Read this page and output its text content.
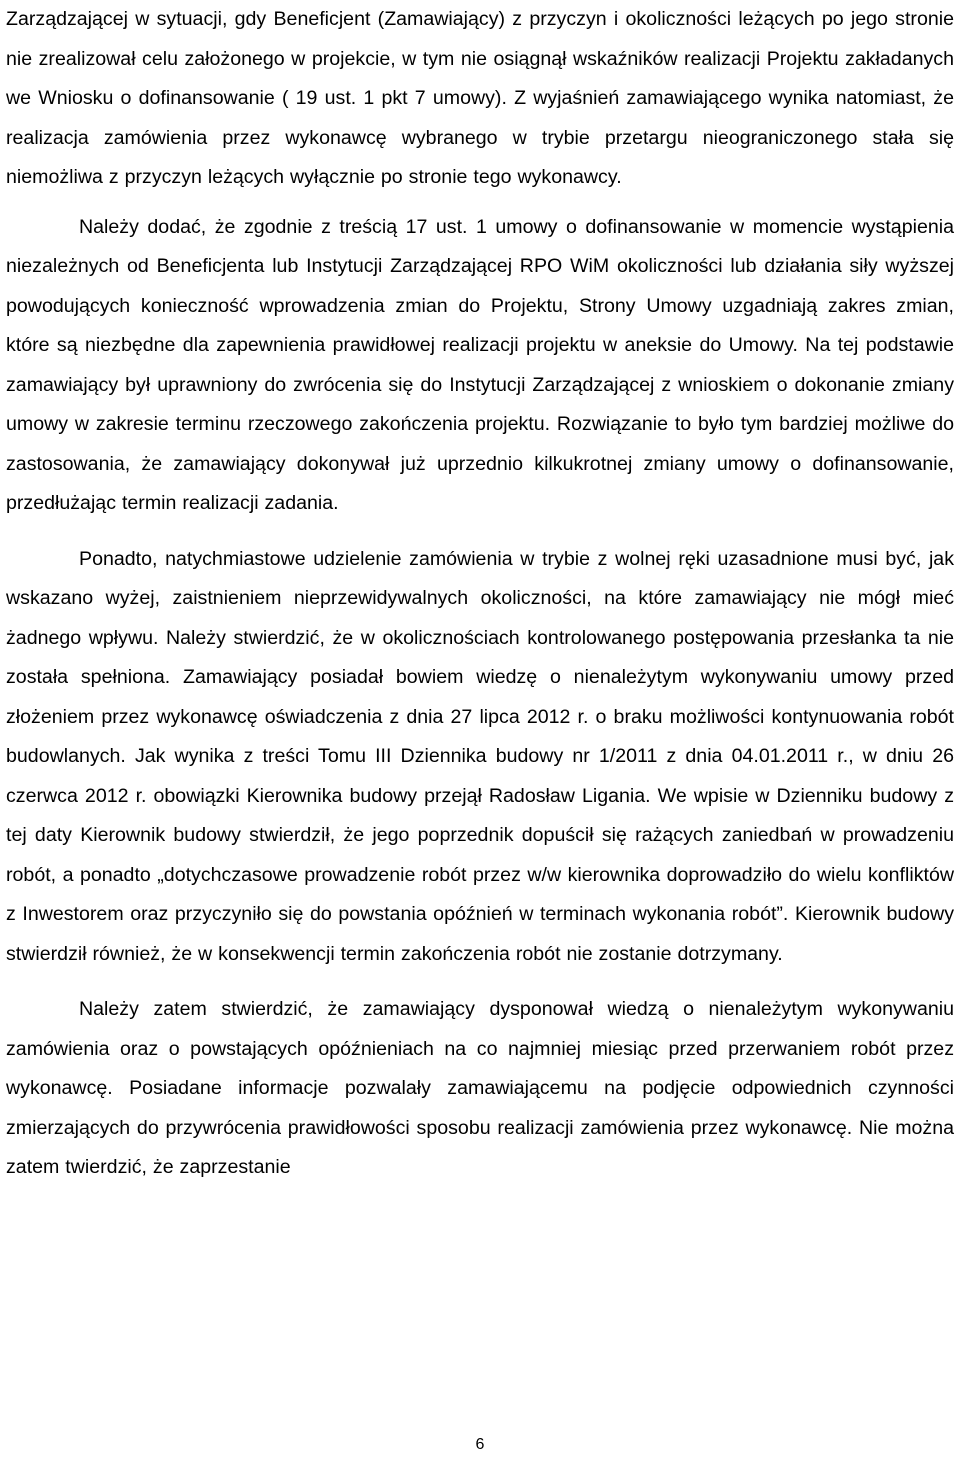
Zarządzającej w sytuacji, gdy Beneficjent (Zamawiający) z przyczyn i okoliczności leżących po jego stronie nie zrealizował celu założonego w projekcie, w tym nie osiągnął wskaźników realizacji Projektu zakładanych we Wniosku o dofinansowanie ( 19 ust. 1 pkt 7 umowy). Z wyjaśnień zamawiającego wynika natomiast, że realizacja zamówienia przez wykonawcę wybranego w trybie przetargu nieograniczonego stała się niemożliwa z przyczyn leżących wyłącznie po stronie tego wykonawcy.

Należy dodać, że zgodnie z treścią 17 ust. 1 umowy o dofinansowanie w momencie wystąpienia niezależnych od Beneficjenta lub Instytucji Zarządzającej RPO WiM okoliczności lub działania siły wyższej powodujących konieczność wprowadzenia zmian do Projektu, Strony Umowy uzgadniają zakres zmian, które są niezbędne dla zapewnienia prawidłowej realizacji projektu w aneksie do Umowy. Na tej podstawie zamawiający był uprawniony do zwrócenia się do Instytucji Zarządzającej z wnioskiem o dokonanie zmiany umowy w zakresie terminu rzeczowego zakończenia projektu. Rozwiązanie to było tym bardziej możliwe do zastosowania, że zamawiający dokonywał już uprzednio kilkukrotnej zmiany umowy o dofinansowanie, przedłużając termin realizacji zadania.

Ponadto, natychmiastowe udzielenie zamówienia w trybie z wolnej ręki uzasadnione musi być, jak wskazano wyżej, zaistnieniem nieprzewidywalnych okoliczności, na które zamawiający nie mógł mieć żadnego wpływu. Należy stwierdzić, że w okolicznościach kontrolowanego postępowania przesłanka ta nie została spełniona. Zamawiający posiadał bowiem wiedzę o nienależytym wykonywaniu umowy przed złożeniem przez wykonawcę oświadczenia z dnia 27 lipca 2012 r. o braku możliwości kontynuowania robót budowlanych. Jak wynika z treści Tomu III Dziennika budowy nr 1/2011 z dnia 04.01.2011 r., w dniu 26 czerwca 2012 r. obowiązki Kierownika budowy przejął Radosław Ligania. We wpisie w Dzienniku budowy z tej daty Kierownik budowy stwierdził, że jego poprzednik dopuścił się rażących zaniedbań w prowadzeniu robót, a ponadto „dotychczasowe prowadzenie robót przez w/w kierownika doprowadziło do wielu konfliktów z Inwestorem oraz przyczyniło się do powstania opóźnień w terminach wykonania robót”. Kierownik budowy stwierdził również, że w konsekwencji termin zakończenia robót nie zostanie dotrzymany.

Należy zatem stwierdzić, że zamawiający dysponował wiedzą o nienależytym wykonywaniu zamówienia oraz o powstających opóźnieniach na co najmniej miesiąc przed przerwaniem robót przez wykonawcę. Posiadane informacje pozwalały zamawiającemu na podjęcie odpowiednich czynności zmierzających do przywrócenia prawidłowości sposobu realizacji zamówienia przez wykonawcę. Nie można zatem twierdzić, że zaprzestanie

6
